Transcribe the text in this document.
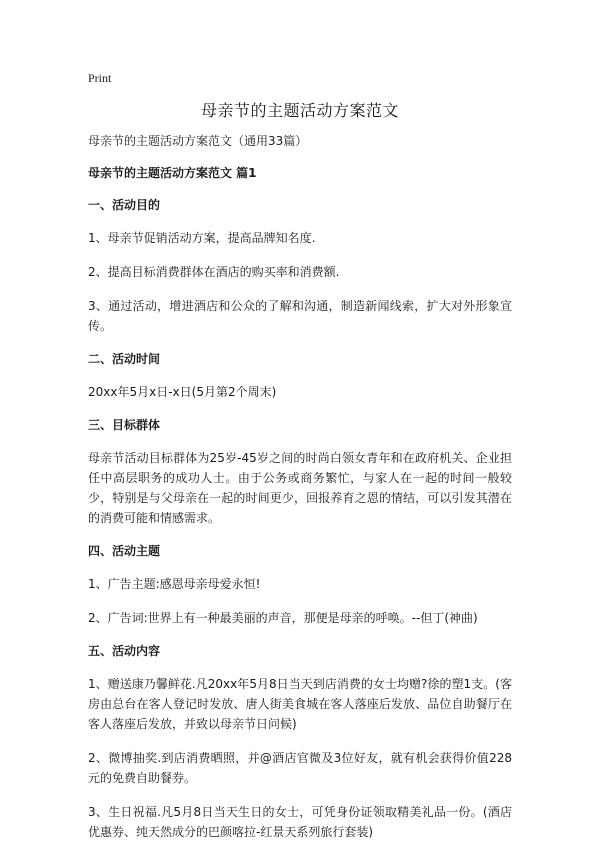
Print
母亲节的主题活动方案范文
母亲节的主题活动方案范文（通用33篇）
母亲节的主题活动方案范文 篇1
一、活动目的

1、母亲节促销活动方案，提高品牌知名度.

2、提高目标消费群体在酒店的购买率和消费额.

3、通过活动，增进酒店和公众的了解和沟通，制造新闻线索，扩大对外形象宣传。

二、活动时间

20xx年5月x日-x日(5月第2个周末)

三、目标群体

母亲节活动目标群体为25岁-45岁之间的时尚白领女青年和在政府机关、企业担任中高层职务的成功人士。由于公务或商务繁忙，与家人在一起的时间一般较少，特别是与父母亲在一起的时间更少，回报养育之恩的情结，可以引发其潜在的消费可能和情感需求。

四、活动主题

1、广告主题:感恩母亲母爱永恒!

2、广告词:世界上有一种最美丽的声音，那便是母亲的呼唤。--但丁(神曲)

五、活动内容

1、赠送康乃馨鲜花.凡20xx年5月8日当天到店消费的女士均赠?徐的塑1支。(客房由总台在客人登记时发放、唐人街美食城在客人落座后发放、品位自助餐厅在客人落座后发放，并致以母亲节日问候)

2、微博抽奖.到店消费晒照，并@酒店官微及3位好友，就有机会获得价值228元的免费自助餐券。

3、生日祝福.凡5月8日当天生日的女士，可凭身份证领取精美礼品一份。(酒店优惠券、纯天然成分的巴颜喀拉-红景天系列旅行套装)
